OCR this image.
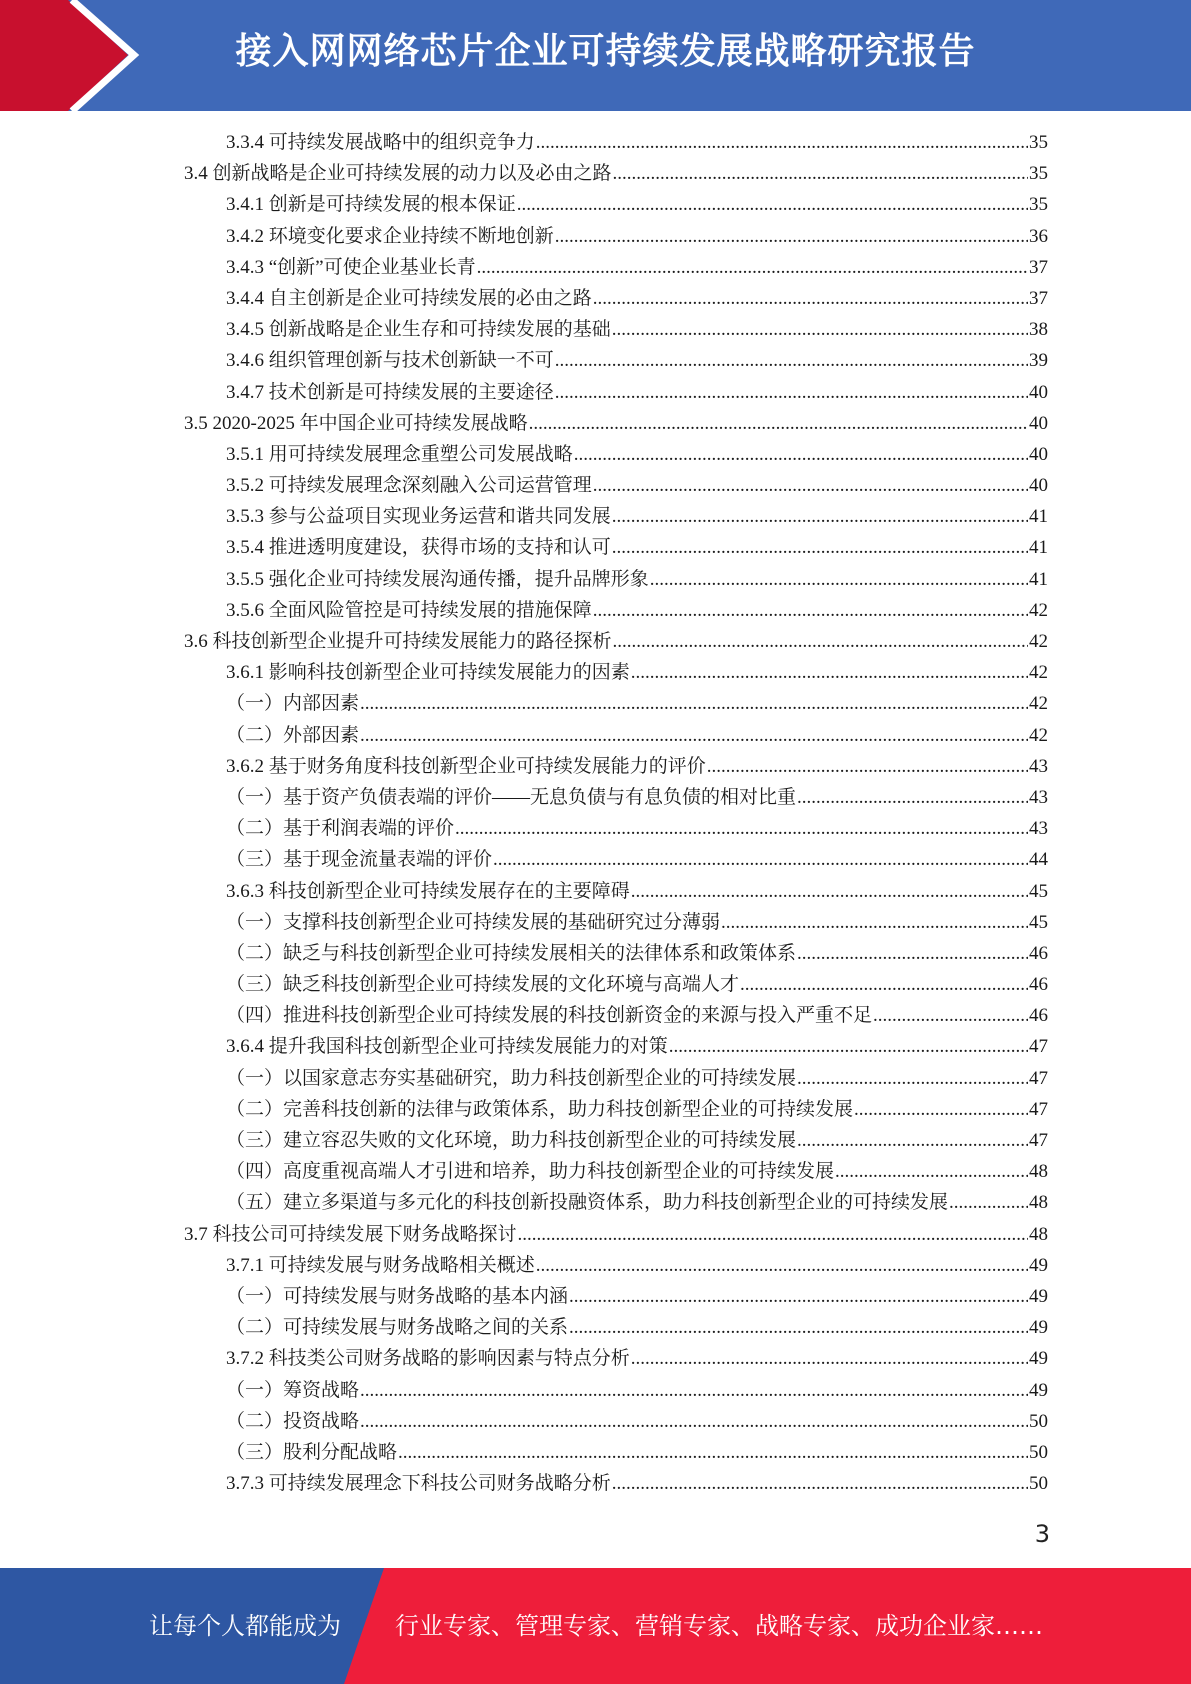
接入网网络芯片企业可持续发展战略研究报告
3.3.4 可持续发展战略中的组织竞争力 .....	35
3.4 创新战略是企业可持续发展的动力以及必由之路 .....	35
3.4.1 创新是可持续发展的根本保证 .....	35
3.4.2 环境变化要求企业持续不断地创新 .....	36
3.4.3 “创新”可使企业基业长青 .....	37
3.4.4 自主创新是企业可持续发展的必由之路 .....	37
3.4.5 创新战略是企业生存和可持续发展的基础 .....	38
3.4.6 组织管理创新与技术创新缺一不可 .....	39
3.4.7 技术创新是可持续发展的主要途径 .....	40
3.5 2020-2025 年中国企业可持续发展战略 .....	40
3.5.1 用可持续发展理念重塑公司发展战略 .....	40
3.5.2 可持续发展理念深刻融入公司运营管理 .....	40
3.5.3 参与公益项目实现业务运营和谐共同发展 .....	41
3.5.4 推进透明度建设，获得市场的支持和认可 .....	41
3.5.5 强化企业可持续发展沟通传播，提升品牌形象 .....	41
3.5.6 全面风险管控是可持续发展的措施保障 .....	42
3.6 科技创新型企业提升可持续发展能力的路径探析 .....	42
3.6.1 影响科技创新型企业可持续发展能力的因素 .....	42
（一）内部因素 .....	42
（二）外部因素 .....	42
3.6.2 基于财务角度科技创新型企业可持续发展能力的评价 .....	43
（一）基于资产负债表端的评价——无息负债与有息负债的相对比重 .....	43
（二）基于利润表端的评价 .....	43
（三）基于现金流量表端的评价 .....	44
3.6.3 科技创新型企业可持续发展存在的主要障碍 .....	45
（一）支撑科技创新型企业可持续发展的基础研究过分薄弱 .....	45
（二）缺乏与科技创新型企业可持续发展相关的法律体系和政策体系 .....	46
（三）缺乏科技创新型企业可持续发展的文化环境与高端人才 .....	46
（四）推进科技创新型企业可持续发展的科技创新资金的来源与投入严重不足 .....	46
3.6.4 提升我国科技创新型企业可持续发展能力的对策 .....	47
（一）以国家意志夯实基础研究，助力科技创新型企业的可持续发展 .....	47
（二）完善科技创新的法律与政策体系，助力科技创新型企业的可持续发展 .....	47
（三）建立容忍失败的文化环境，助力科技创新型企业的可持续发展 .....	47
（四）高度重视高端人才引进和培养，助力科技创新型企业的可持续发展 .....	48
（五）建立多渠道与多元化的科技创新投融资体系，助力科技创新型企业的可持续发展 .....	48
3.7 科技公司可持续发展下财务战略探讨 .....	48
3.7.1 可持续发展与财务战略相关概述 .....	49
（一）可持续发展与财务战略的基本内涵 .....	49
（二）可持续发展与财务战略之间的关系 .....	49
3.7.2 科技类公司财务战略的影响因素与特点分析 .....	49
（一）筹资战略 .....	49
（二）投资战略 .....	50
（三）股利分配战略 .....	50
3.7.3 可持续发展理念下科技公司财务战略分析 .....	50
3
让每个人都能成为	行业专家、管理专家、营销专家、战略专家、成功企业家……
